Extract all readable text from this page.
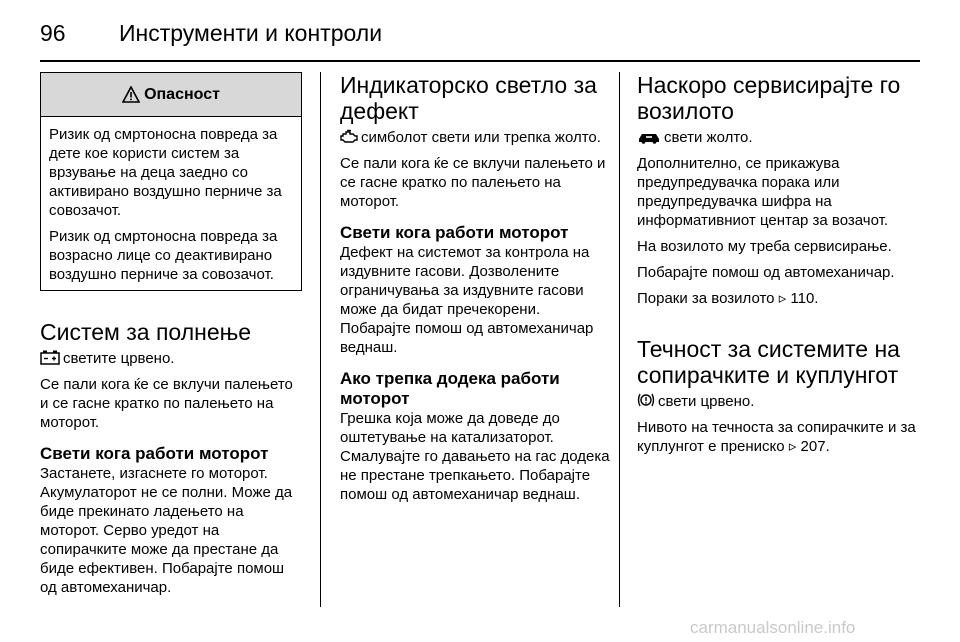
96 Инструменти и контроли
Опасност

Ризик од смртоносна повреда за дете кое користи систем за врзување на деца заедно со активирано воздушно перниче за совозачот.

Ризик од смртоносна повреда за возрасно лице со деактивирано воздушно перниче за совозачот.

Систем за полнење

светите црвено.

Се пали кога ќе се вклучи палењето и се гасне кратко по палењето на моторот.

Свети кога работи моторот

Застанете, изгаснете го моторот. Акумулаторот не се полни. Може да биде прекинато ладењето на моторот. Серво уредот на сопирачките може да престане да биде ефективен. Побарајте помош од автомеханичар.

Индикаторско светло за дефект

симболот свети или трепка жолто.

Се пали кога ќе се вклучи палењето и се гасне кратко по палењето на моторот.

Свети кога работи моторот

Дефект на системот за контрола на издувните гасови. Дозволените ограничувања за издувните гасови може да бидат пречекорени. Побарајте помош од автомеханичар веднаш.

Ако трепка додека работи моторот

Грешка која може да доведе до оштетување на катализаторот. Смалувајте го давањето на гас додека не престане трепкањето. Побарајте помош од автомеханичар веднаш.

Наскоро сервисирајте го возилото

свети жолто.

Дополнително, се прикажува предупредувачка порака или предупредувачка шифра на информативниот центар за возачот.

На возилото му треба сервисирање.

Побарајте помош од автомеханичар.

Пораки за возилото ▹ 110.

Течност за системите на сопирачките и куплунгот

свети црвено.

Нивото на течноста за сопирачките и за куплунгот е прениско ▹ 207.

carmanualsonline.info
